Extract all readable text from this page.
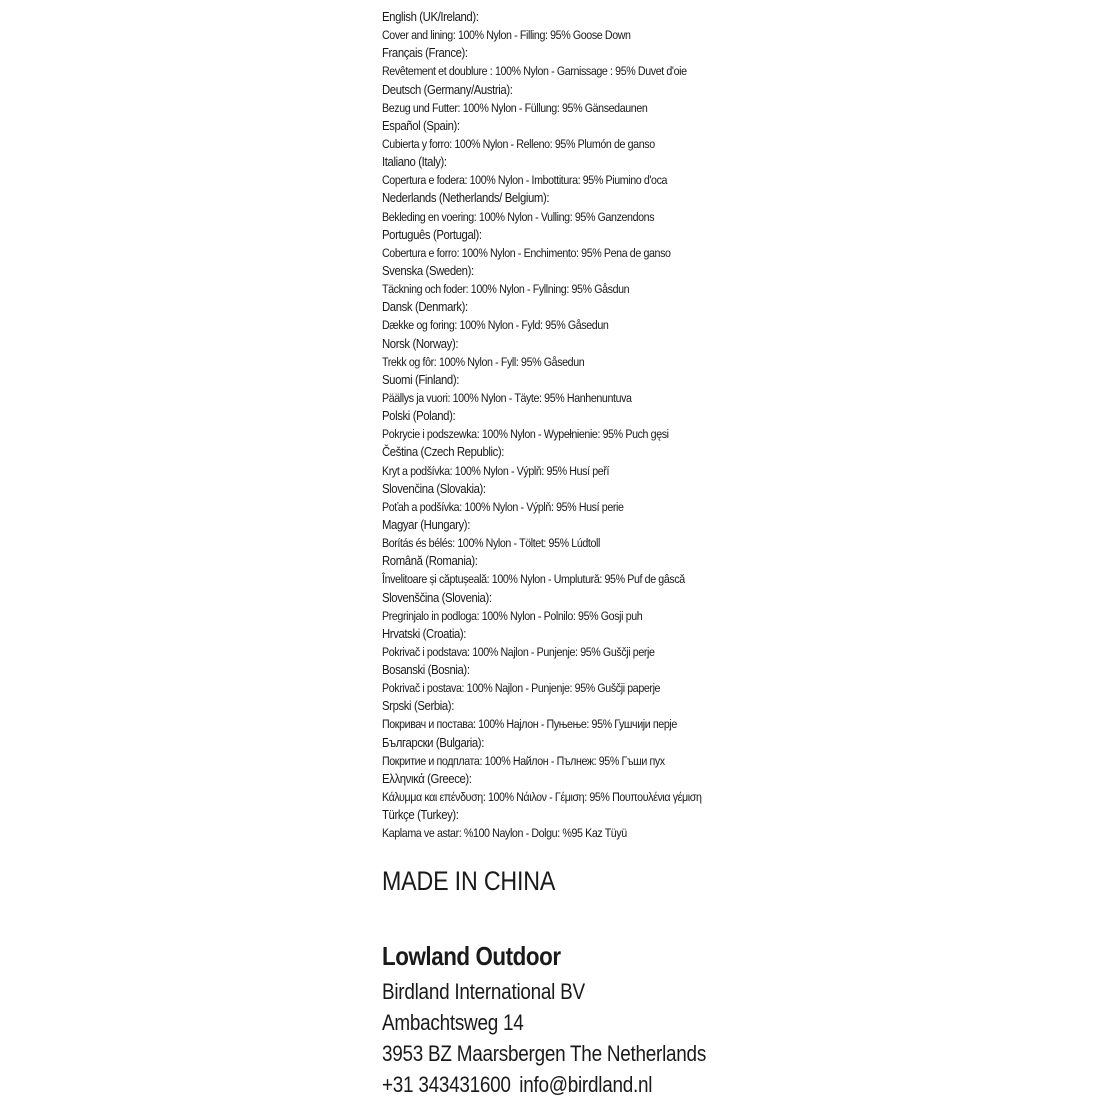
English (UK/Ireland):
Cover and lining: 100% Nylon - Filling: 95% Goose Down
Français (France):
Revêtement et doublure : 100% Nylon - Garnissage : 95% Duvet d'oie
Deutsch (Germany/Austria):
Bezug und Futter: 100% Nylon - Füllung: 95% Gänsedaunen
Español (Spain):
Cubierta y forro: 100% Nylon - Relleno: 95% Plumón de ganso
Italiano (Italy):
Copertura e fodera: 100% Nylon - Imbottitura: 95% Piumino d'oca
Nederlands (Netherlands/ Belgium):
Bekleding en voering: 100% Nylon - Vulling: 95% Ganzendons
Português (Portugal):
Cobertura e forro: 100% Nylon - Enchimento: 95% Pena de ganso
Svenska (Sweden):
Täckning och foder: 100% Nylon - Fyllning: 95% Gåsdun
Dansk (Denmark):
Dække og foring: 100% Nylon - Fyld: 95% Gåsedun
Norsk (Norway):
Trekk og fôr: 100% Nylon - Fyll: 95% Gåsedun
Suomi (Finland):
Päällys ja vuori: 100% Nylon - Täyte: 95% Hanhenuntuva
Polski (Poland):
Pokrycie i podszewka: 100% Nylon - Wypełnienie: 95% Puch gęsi
Čeština (Czech Republic):
Kryt a podšívka: 100% Nylon - Výplň: 95% Husí peří
Slovenčina (Slovakia):
Poťah a podšívka: 100% Nylon - Výplň: 95% Husí perie
Magyar (Hungary):
Borítás és bélés: 100% Nylon - Töltet: 95% Lúdtoll
Română (Romania):
Învelitoare și căptușeală: 100% Nylon - Umplutură: 95% Puf de gâscă
Slovenščina (Slovenia):
Pregrinjalo in podloga: 100% Nylon - Polnilo: 95% Gosji puh
Hrvatski (Croatia):
Pokrivač i podstava: 100% Najlon - Punjenje: 95% Guščji perje
Bosanski (Bosnia):
Pokrivač i postava: 100% Najlon - Punjenje: 95% Guščji paperje
Srpski (Serbia):
Покривач и постава: 100% Најлон - Пуњење: 95% Гушчији перје
Български (Bulgaria):
Покритие и подплата: 100% Найлон - Пълнеж: 95% Гъши пух
Ελληνικά (Greece):
Κάλυμμα και επένδυση: 100% Νάιλον - Γέμιση: 95% Πουπουλένια γέμιση
Türkçe (Turkey):
Kaplama ve astar: %100 Naylon - Dolgu: %95 Kaz Tüyü
MADE IN CHINA
Lowland Outdoor
Birdland International BV
Ambachtsweg 14
3953 BZ Maarsbergen The Netherlands
+31 343431600 info@birdland.nl
